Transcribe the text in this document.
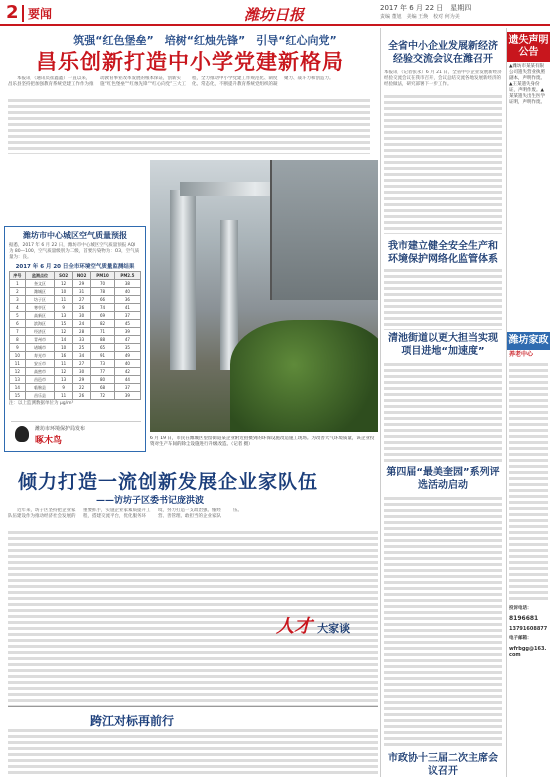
2 要闻	潍坊日报	2017 年 6 月 22 日　星期四
责编 董旭　美编 王焕　校对 何为美
筑强“红色堡垒”　培树“红烛先锋”　引导“红心向党”
昌乐创新打造中小学党建新格局

本报讯 （通讯员崔鑫鑫）一直以来，昌乐县坚持把加强教育系统党建工作作为推动教育事业改革发展的根本保证，创新实施“红色堡垒”“红烛先锋”“红心向党”三大工程，全力推动中小学党建工作规范化、制度化、常态化，不断提升教育系统党组织的凝聚力、战斗力和创造力。

潍坊市中心城区空气质量预报
据悉，2017 年 6 月 22 日，潍坊市中心城区空气质量预报 AQI 为 80—100，空气质量级别为二级，首要污染物为：O3，空气质量为：良。
2017 年 6 月 20 日全市环境空气质量监测结果
序号	监测点位	SO2	NO2	PM10	PM2.5
1	奎文区	12	29	70	38
2	潍城区	10	31	78	40
3	坊子区	11	27	66	36
4	寒亭区	9	26	74	41
5	高新区	13	30	69	37
6	滨海区	15	24	82	45
7	经济区	12	28	71	39
8	青州市	14	33	88	47
9	诸城市	10	25	65	35
10	寿光市	16	34	91	49
11	安丘市	11	27	73	40
12	高密市	12	30	77	42
13	昌邑市	13	29	80	44
14	临朐县	9	22	68	37
15	昌乐县	11	26	72	39
注：以上监测数据单位为 μg/m³
潍坊市环境保护局发布
啄木鸟	6 月 19 日，市民在潍城区望留街道某企业附近拍摄到的环保设施改造施工现场。为改善大气环境质量，该企业投资对生产车间的除尘设施进行升级改造。（记者 摄）
倾力打造一流创新发展企业家队伍
——访坊子区委书记庞洪波

近年来，坊子区坚持把企业家队伍建设作为推动经济社会发展的重要抓手，实施企业家素质提升工程，搭建交流平台，优化服务环境，努力打造一支政治强、懂经营、善管理、敢担当的企业家队伍。

人才 大家谈
跨江对标再前行
全省中小企业发展新经济经验交流会议在潍召开
本报讯 （记者张永）6 月 21 日，全省中小企业发展新经济经验交流会议在我市召开，会议总结交流各地发展新经济的经验做法，研究部署下一步工作。
我市建立健全安全生产和环境保护网络化监管体系
清池街道以更大担当实现项目进地“加速度”
第四届“最美奎园”系列评选活动启动
市政协十三届二次主席会议召开
遗失声明公告
▲潍坊市某某有限公司遗失营业执照副本，声明作废。▲王某遗失身份证，声明作废。▲某某遗失出生医学证明，声明作废。
潍坊家政
养老中心
投诉电话：
8196681
13791608877
电子邮箱：
wfrbgg@163.com
